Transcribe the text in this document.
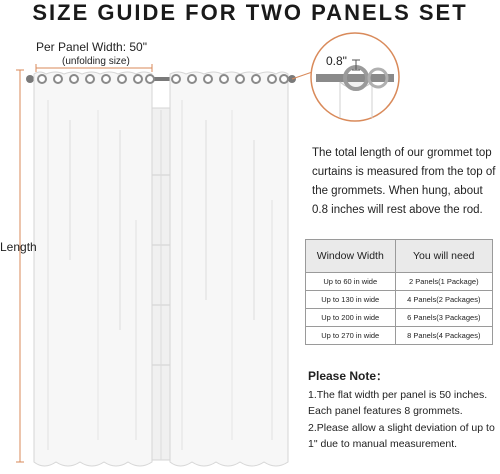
SIZE GUIDE FOR TWO PANELS SET
Per Panel Width: 50"
(unfolding size)
Length
0.8"
The total length of our grommet top curtains is measured from the top of the grommets. When hung, about 0.8 inches will rest above the rod.
Window Width	You will need
Up to 60 in wide	2 Panels(1 Package)
Up to 130 in wide	4 Panels(2 Packages)
Up to 200 in wide	6 Panels(3 Packages)
Up to 270 in wide	8 Panels(4 Packages)
Please Note：
1.The flat width per panel is 50 inches. Each panel features 8 grommets.
2.Please allow a slight deviation of up to 1" due to manual measurement.
